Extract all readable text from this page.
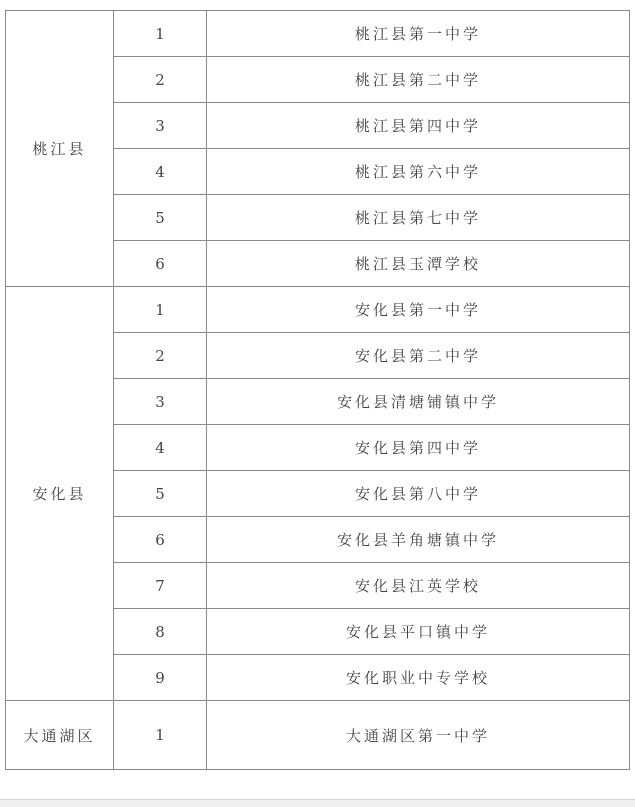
桃江县	1	桃江县第一中学
	2	桃江县第二中学
	3	桃江县第四中学
	4	桃江县第六中学
	5	桃江县第七中学
	6	桃江县玉潭学校
安化县	1	安化县第一中学
	2	安化县第二中学
	3	安化县清塘铺镇中学
	4	安化县第四中学
	5	安化县第八中学
	6	安化县羊角塘镇中学
	7	安化县江英学校
	8	安化县平口镇中学
	9	安化职业中专学校
大通湖区	1	大通湖区第一中学
